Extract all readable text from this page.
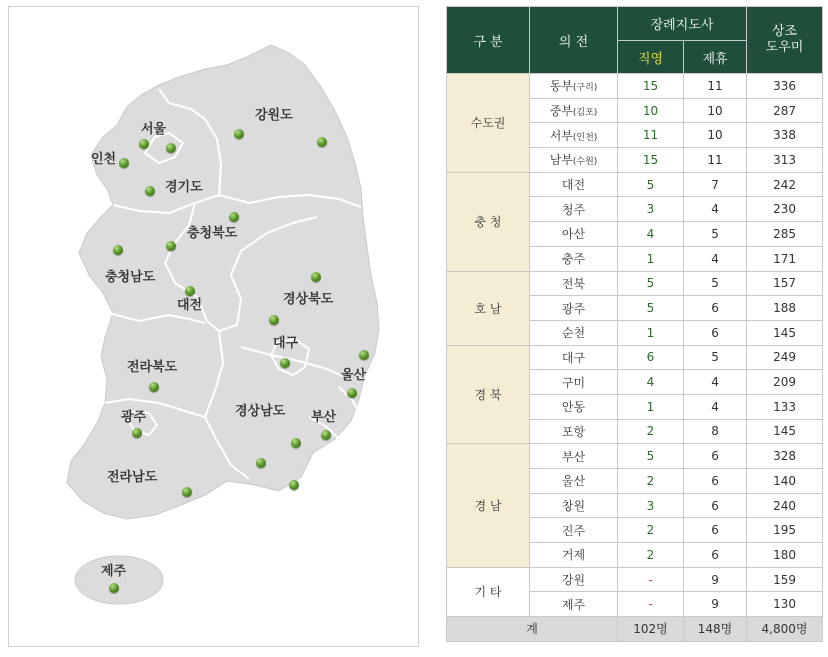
강원도
서울
인천
경기도
충청북도
충청남도
대전	경상북도
대구
울산
전라북도
광주	경상남도 부산
전라남도
제주
구 분	의 전	장례지도사		상조
도우미
		직영	제휴	
수도권	동부(구리)	15	11	336
	중부(김포)	10	10	287
	서부(인천)	11	10	338
	남부(수원)	15	11	313
충 청	대전	5	7	242
	청주	3	4	230
	아산	4	5	285
	충주	1	4	171
호 남	전북	5	5	157
	광주	5	6	188
	순천	1	6	145
경 북	대구	6	5	249
	구미	4	4	209
	안동	1	4	133
	포항	2	8	145
경 남	부산	5	6	328
	울산	2	6	140
	창원	3	6	240
	진주	2	6	195
	거제	2	6	180
기 타	강원	-	9	159
	제주	-	9	130
계		102명	148명	4,800명
